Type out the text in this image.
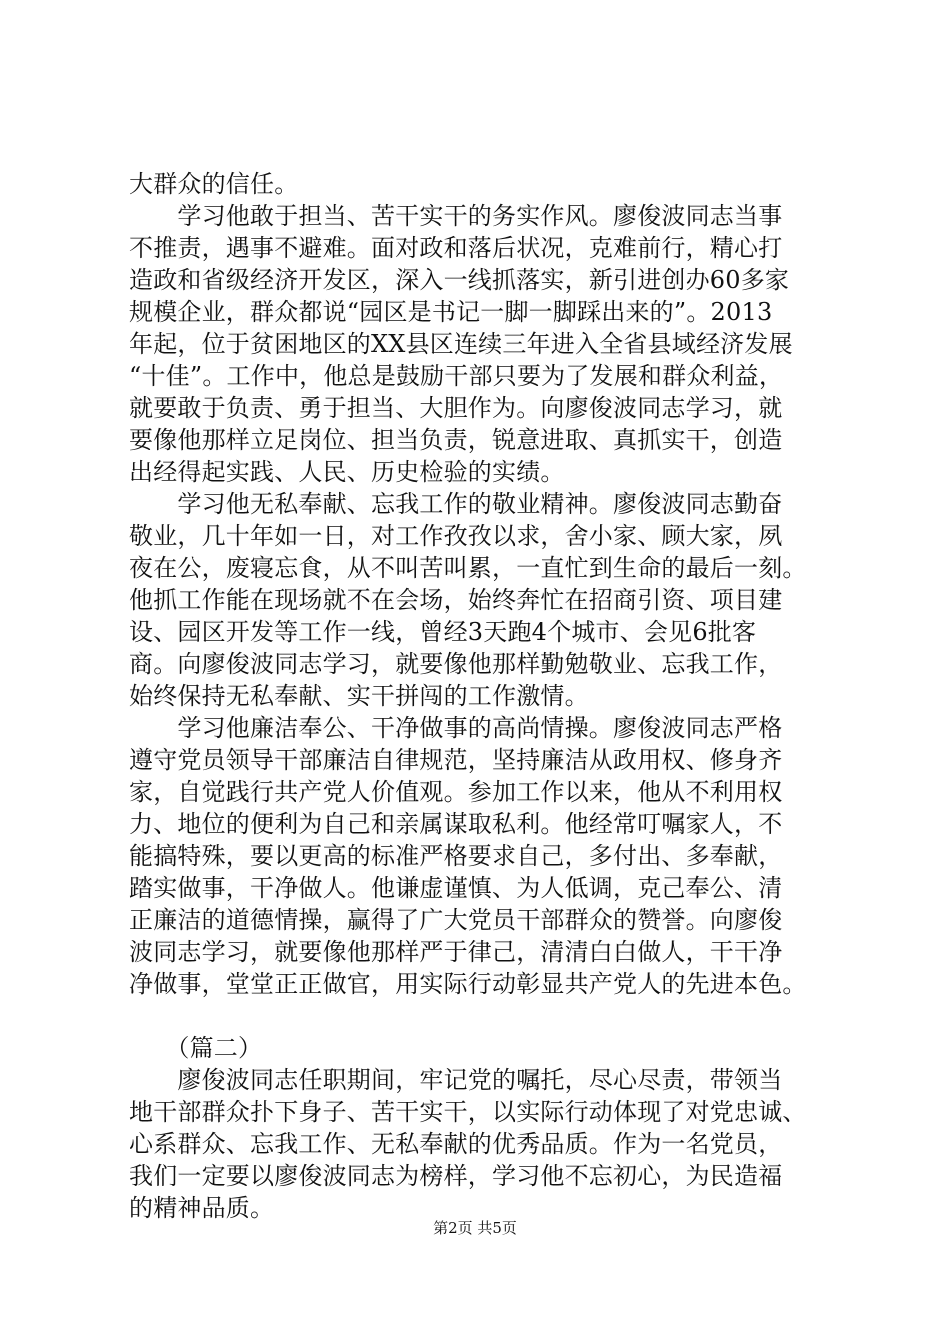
大群众的信任。
　　学习他敢于担当、苦干实干的务实作风。廖俊波同志当事
不推责，遇事不避难。面对政和落后状况，克难前行，精心打
造政和省级经济开发区，深入一线抓落实，新引进创办60多家
规模企业，群众都说“园区是书记一脚一脚踩出来的”。2013
年起，位于贫困地区的XX县区连续三年进入全省县域经济发展
“十佳”。工作中，他总是鼓励干部只要为了发展和群众利益，
就要敢于负责、勇于担当、大胆作为。向廖俊波同志学习，就
要像他那样立足岗位、担当负责，锐意进取、真抓实干，创造
出经得起实践、人民、历史检验的实绩。
　　学习他无私奉献、忘我工作的敬业精神。廖俊波同志勤奋
敬业，几十年如一日，对工作孜孜以求，舍小家、顾大家，夙
夜在公，废寝忘食，从不叫苦叫累，一直忙到生命的最后一刻。
他抓工作能在现场就不在会场，始终奔忙在招商引资、项目建
设、园区开发等工作一线，曾经3天跑4个城市、会见6批客
商。向廖俊波同志学习，就要像他那样勤勉敬业、忘我工作，
始终保持无私奉献、实干拼闯的工作激情。
　　学习他廉洁奉公、干净做事的高尚情操。廖俊波同志严格
遵守党员领导干部廉洁自律规范，坚持廉洁从政用权、修身齐
家，自觉践行共产党人价值观。参加工作以来，他从不利用权
力、地位的便利为自己和亲属谋取私利。他经常叮嘱家人，不
能搞特殊，要以更高的标准严格要求自己，多付出、多奉献，
踏实做事，干净做人。他谦虚谨慎、为人低调，克己奉公、清
正廉洁的道德情操，赢得了广大党员干部群众的赞誉。向廖俊
波同志学习，就要像他那样严于律己，清清白白做人，干干净
净做事，堂堂正正做官，用实际行动彰显共产党人的先进本色。
　　（篇二）
　　廖俊波同志任职期间，牢记党的嘱托，尽心尽责，带领当
地干部群众扑下身子、苦干实干，以实际行动体现了对党忠诚、
心系群众、忘我工作、无私奉献的优秀品质。作为一名党员，
我们一定要以廖俊波同志为榜样，学习他不忘初心，为民造福
的精神品质。
第2页 共5页
